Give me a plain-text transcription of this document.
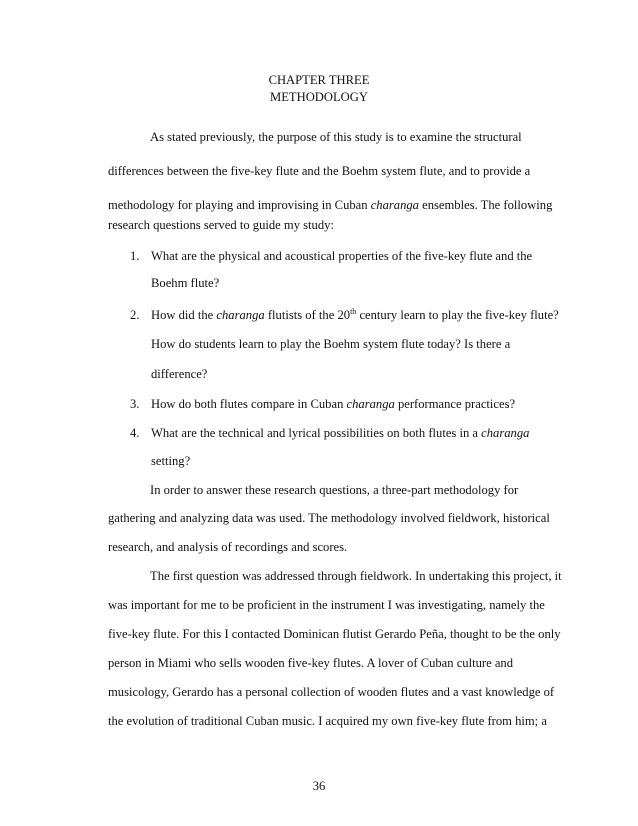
CHAPTER THREE
METHODOLOGY
As stated previously, the purpose of this study is to examine the structural
differences between the five-key flute and the Boehm system flute, and to provide a
methodology for playing and improvising in Cuban charanga ensembles. The following
research questions served to guide my study:
1. What are the physical and acoustical properties of the five-key flute and the
Boehm flute?
2. How did the charanga flutists of the 20th century learn to play the five-key flute?
How do students learn to play the Boehm system flute today? Is there a
difference?
3. How do both flutes compare in Cuban charanga performance practices?
4. What are the technical and lyrical possibilities on both flutes in a charanga
setting?
In order to answer these research questions, a three-part methodology for
gathering and analyzing data was used. The methodology involved fieldwork, historical
research, and analysis of recordings and scores.
The first question was addressed through fieldwork. In undertaking this project, it
was important for me to be proficient in the instrument I was investigating, namely the
five-key flute. For this I contacted Dominican flutist Gerardo Peña, thought to be the only
person in Miami who sells wooden five-key flutes. A lover of Cuban culture and
musicology, Gerardo has a personal collection of wooden flutes and a vast knowledge of
the evolution of traditional Cuban music. I acquired my own five-key flute from him; a
36
